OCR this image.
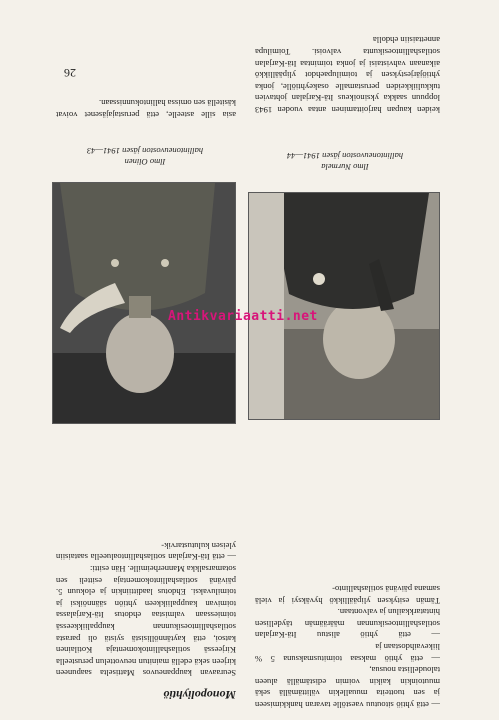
26
Ilmo Olinen
hallintoneuvoston jäsen 1941—43
Ilmo Nurmela
hallintoneuvoston jäsen 1941—44

asia sille asteelle, että perustajajäsenet voivat käsitellä sen omissa hallintokunnissaan.

keiden kaupan harjoittaminen antaa vuoden 1943 loppuun saakka yksinoikeus Itä-Karjalan johtavien tukkuliikkeiden perustamalle osakeyhtiölle, jonka yhtiöjärjestyksen ja toimilupaehdot ylipäällikkö aikanaan vahvistaisi ja jonka toimintaa Itä-Karjalan sotilashallintoesikunta valvoisi. Toimilupa annettaisiin ehdolla

Monopoliyhtiö

Seuraavan kauppaneuvos Mattiselta saapuneen kirjeen sekä edellä mainitun neuvottelun perusteella Kirjeessä sotilashallintokomentaja Kotilainen katsoi, että kaytännöllisistä syistä oli parasta sotilashallintoesikunnan kauppaliikkeessä toimiessaan valmistaa ehdotus Itä-Karjalassa toimivan kauppaliikkeen yhtiön säännöiksi ja toimiluvaksi. Ehdotus laadittiinkin ja elokuun 5. päivänä sotilashallintokomentaja esitteli sen sotamarsalkka Mannerheimille. Hän esitti:

— että Itä-Karjalan sotilashallintoalueella saataisiin yleisen kulutustarvik-

— että yhtiö sitoutuu vaestölle tavaran hankkimiseen ja sen tuotteita muuallekin välittämällä sekä muutoinkin kaikin voimin edistämällä alueen taloudellista nousua,

— että yhtiö maksaa toimitusmaksuna 5 % liikevaihdostaan ja

— että yhtiö alistuu Itä-Karjalan sotilashallintoesikunnan määräämän täydellisen hintatarkkailun ja valvontaan.

Tämän esityksen ylipäällikkö hyväksyi ja vielä samana päivänä sotilashallinto-

Antikvariaatti.net
